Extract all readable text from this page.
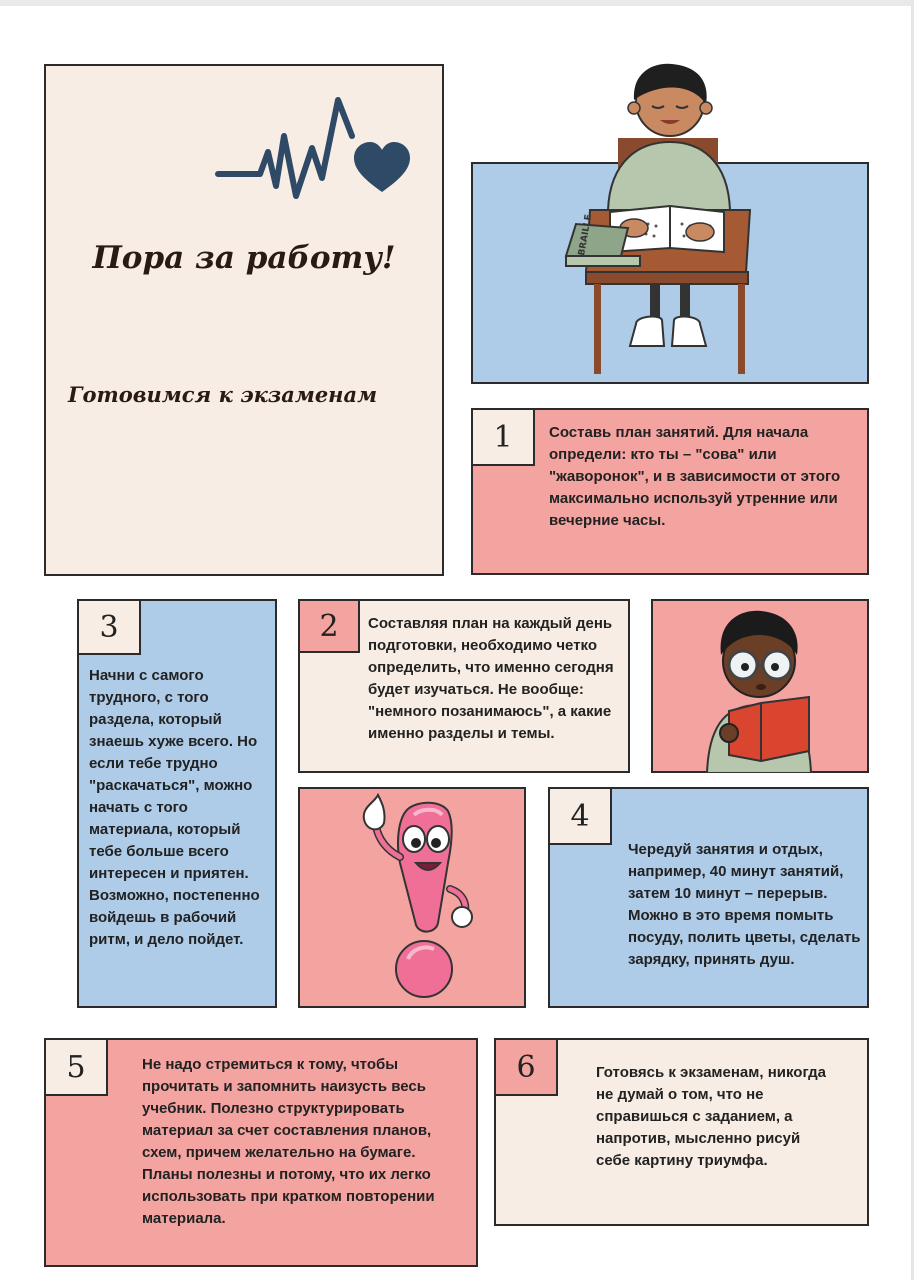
Пора за работу!

Готовимся к экзаменам

BRAILLE
1	Составь план занятий. Для начала определи: кто ты – "сова" или "жаворонок", и в зависимости от этого максимально используй утренние или вечерние часы.

3

Начни с самого трудного, с того раздела, который знаешь хуже всего. Но если тебе трудно "раскачаться", можно начать с того материала, который тебе больше всего интересен и приятен. Возможно, постепенно войдешь в рабочий ритм, и дело пойдет.

2	Составляя план на каждый день подготовки, необходимо четко определить, что именно сегодня будет изучаться. Не вообще: "немного позанимаюсь", а какие именно разделы и темы.

4

Чередуй занятия и отдых, например, 40 минут занятий, затем 10 минут – перерыв. Можно в это время помыть посуду, полить цветы, сделать зарядку, принять душ.

5	Не надо стремиться к тому, чтобы прочитать и запомнить наизусть весь учебник. Полезно структурировать материал за счет составления планов, схем, причем желательно на бумаге. Планы полезны и потому, что их легко использовать при кратком повторении материала.

6	Готовясь к экзаменам, никогда не думай о том, что не справишься с заданием, а напротив, мысленно рисуй себе картину триумфа.
